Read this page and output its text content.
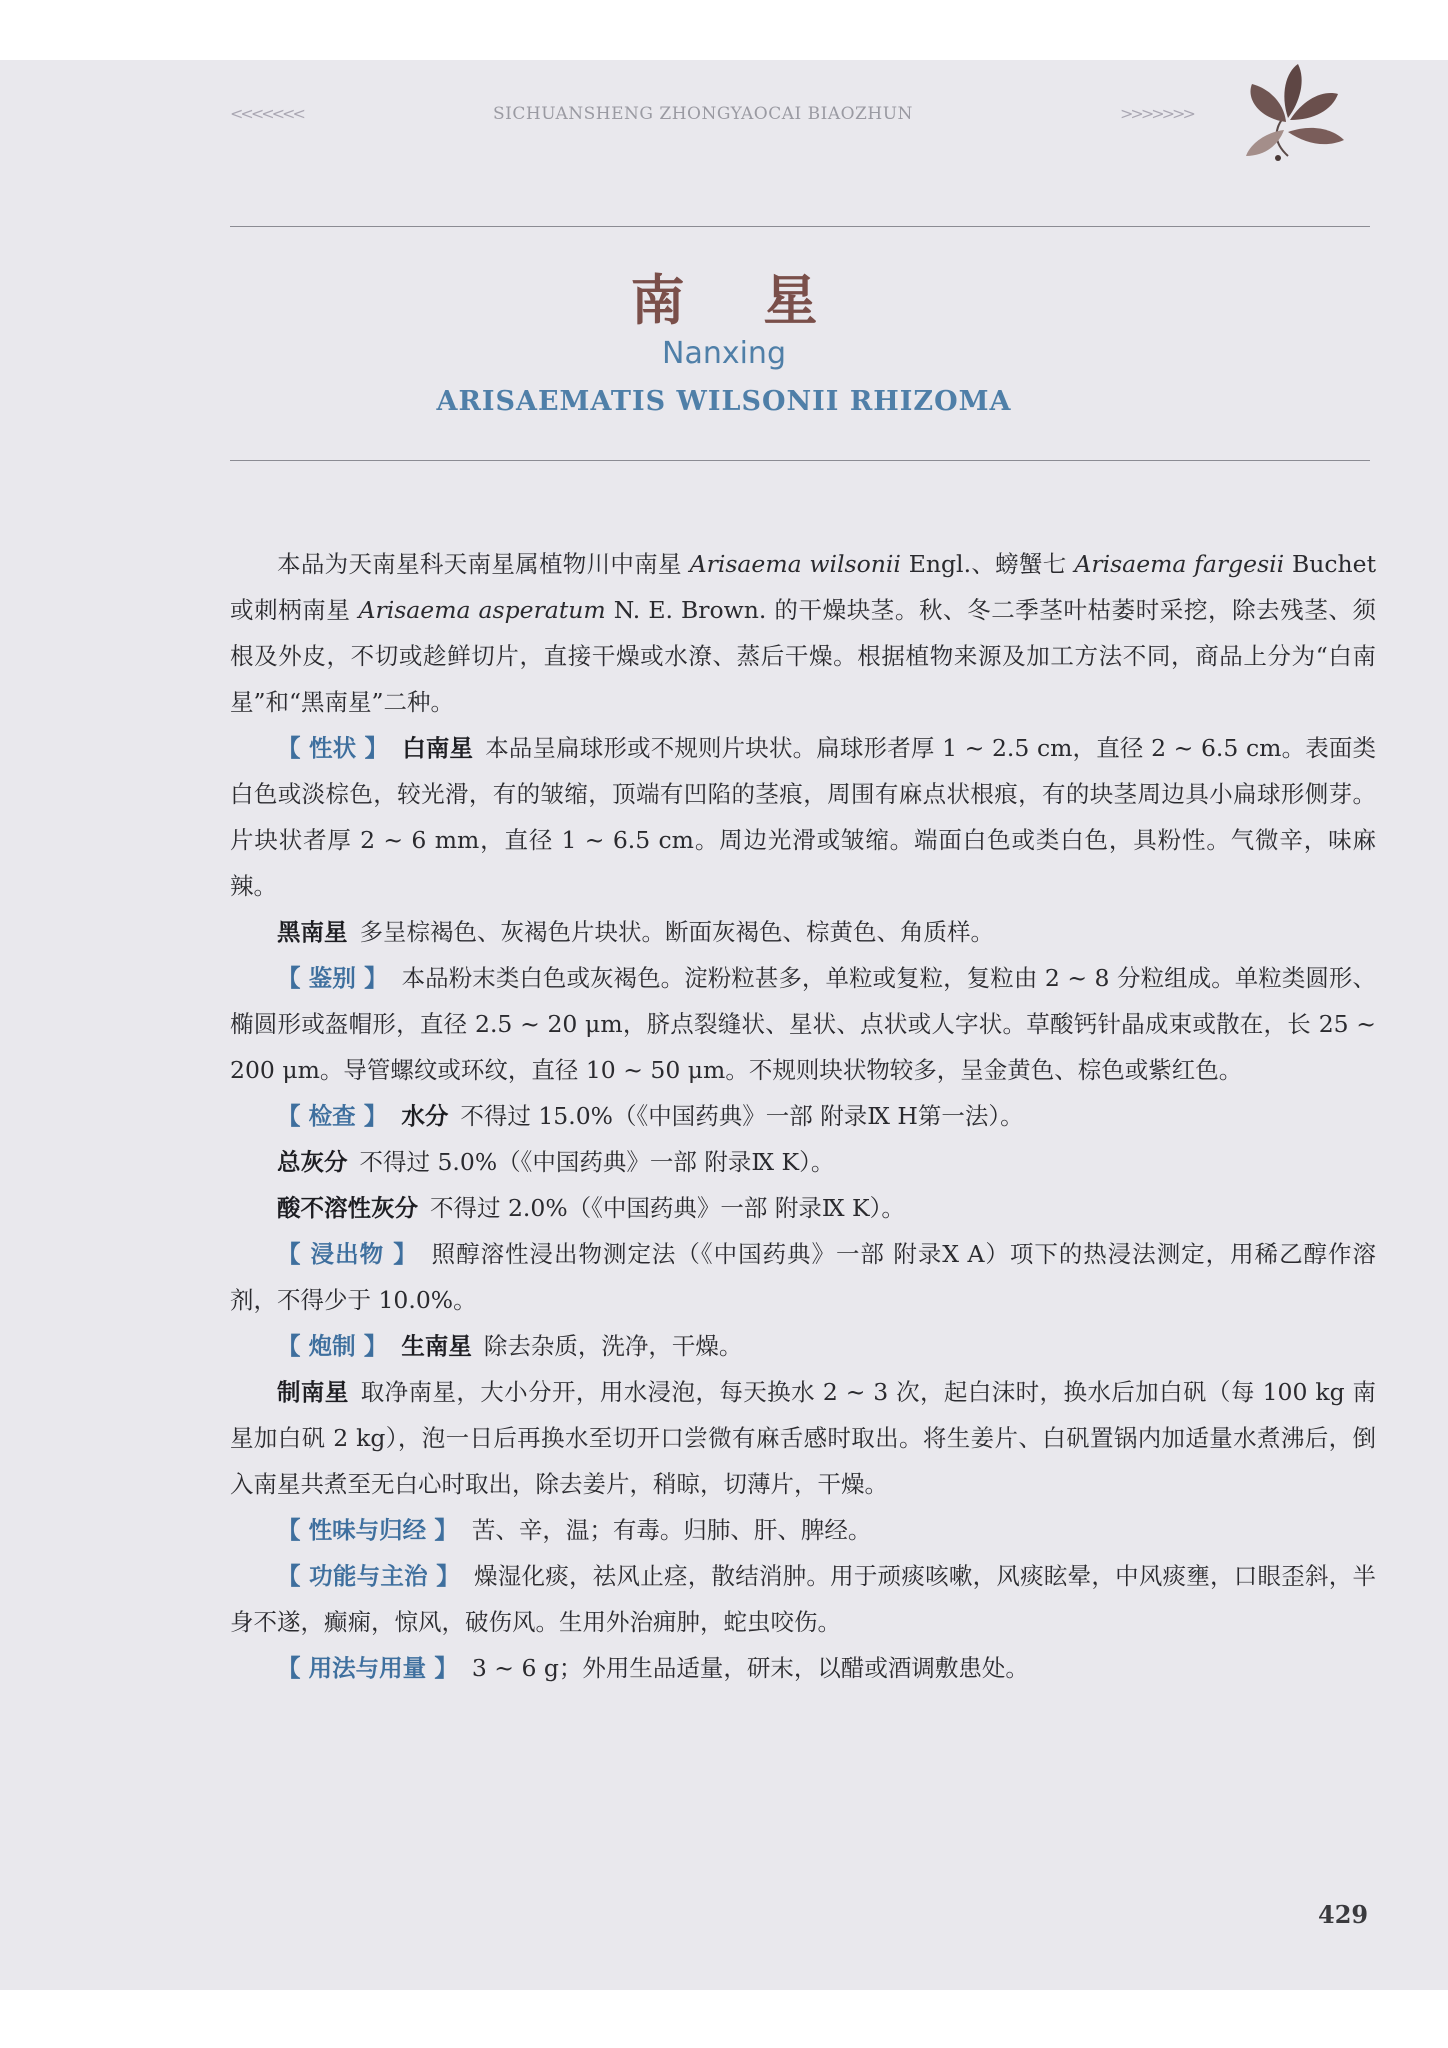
<<<<<<<	SICHUANSHENG ZHONGYAOCAI BIAOZHUN	>>>>>>>
南 星
Nanxing
ARISAEMATIS WILSONII RHIZOMA

本品为天南星科天南星属植物川中南星 Arisaema wilsonii Engl.、螃蟹七 Arisaema fargesii Buchet 或刺柄南星 Arisaema asperatum N. E. Brown. 的干燥块茎。秋、冬二季茎叶枯萎时采挖，除去残茎、须根及外皮，不切或趁鲜切片，直接干燥或水潦、蒸后干燥。根据植物来源及加工方法不同，商品上分为“白南星”和“黑南星”二种。

【 性状 】 白南星 本品呈扁球形或不规则片块状。扁球形者厚 1 ~ 2.5 cm，直径 2 ~ 6.5 cm。表面类白色或淡棕色，较光滑，有的皱缩，顶端有凹陷的茎痕，周围有麻点状根痕，有的块茎周边具小扁球形侧芽。片块状者厚 2 ~ 6 mm，直径 1 ~ 6.5 cm。周边光滑或皱缩。端面白色或类白色，具粉性。气微辛，味麻辣。

黑南星 多呈棕褐色、灰褐色片块状。断面灰褐色、棕黄色、角质样。

【 鉴别 】 本品粉末类白色或灰褐色。淀粉粒甚多，单粒或复粒，复粒由 2 ~ 8 分粒组成。单粒类圆形、椭圆形或盔帽形，直径 2.5 ~ 20 μm，脐点裂缝状、星状、点状或人字状。草酸钙针晶成束或散在，长 25 ~ 200 μm。导管螺纹或环纹，直径 10 ~ 50 μm。不规则块状物较多，呈金黄色、棕色或紫红色。

【 检查 】 水分 不得过 15.0%（《中国药典》一部 附录Ⅸ H第一法）。

总灰分 不得过 5.0%（《中国药典》一部 附录Ⅸ K）。

酸不溶性灰分 不得过 2.0%（《中国药典》一部 附录Ⅸ K）。

【 浸出物 】 照醇溶性浸出物测定法（《中国药典》一部 附录X A）项下的热浸法测定，用稀乙醇作溶剂，不得少于 10.0%。

【 炮制 】 生南星 除去杂质，洗净，干燥。

制南星 取净南星，大小分开，用水浸泡，每天换水 2 ~ 3 次，起白沫时，换水后加白矾（每 100 kg 南星加白矾 2 kg），泡一日后再换水至切开口尝微有麻舌感时取出。将生姜片、白矾置锅内加适量水煮沸后，倒入南星共煮至无白心时取出，除去姜片，稍晾，切薄片，干燥。

【 性味与归经 】 苦、辛，温；有毒。归肺、肝、脾经。

【 功能与主治 】 燥湿化痰，祛风止痉，散结消肿。用于顽痰咳嗽，风痰眩晕，中风痰壅，口眼歪斜，半身不遂，癫痫，惊风，破伤风。生用外治痈肿，蛇虫咬伤。

【 用法与用量 】 3 ~ 6 g；外用生品适量，研末，以醋或酒调敷患处。

429
